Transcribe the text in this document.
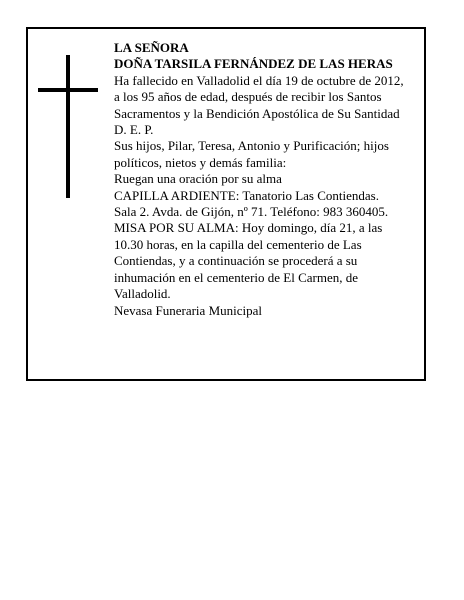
LA SEÑORA

DOÑA TARSILA FERNÁNDEZ DE LAS HERAS

Ha fallecido en Valladolid el día 19 de octubre de 2012,

a los 95 años de edad, después de recibir los Santos

Sacramentos y la Bendición Apostólica de Su Santidad

D. E. P.

Sus hijos, Pilar, Teresa, Antonio y Purificación; hijos

políticos, nietos y demás familia:

Ruegan una oración por su alma

CAPILLA ARDIENTE: Tanatorio Las Contiendas.

Sala 2. Avda. de Gijón, nº 71. Teléfono: 983 360405.

MISA POR SU ALMA: Hoy domingo, día 21, a las

10.30 horas, en la capilla del cementerio de Las

Contiendas, y a continuación se procederá a su

inhumación en el cementerio de El Carmen, de

Valladolid.

Nevasa Funeraria Municipal
